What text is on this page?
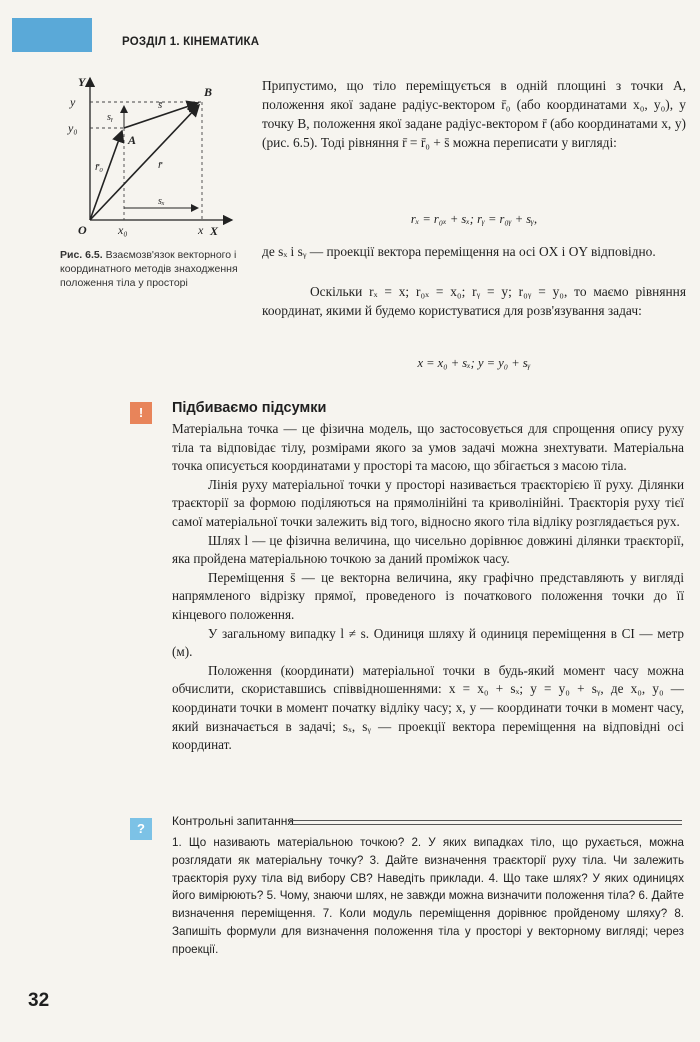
РОЗДІЛ 1. КІНЕМАТИКА
Y
y
y₀
O	x₀	x X
A
B
sᵧ
s̄
r̄₀	r̄
sₓ
Рис. 6.5. Взаємозв'язок векторного і координатного методів знаходження положення тіла у просторі
Припустимо, що тіло переміщується в одній площині з точки A, положення якої задане радіус-вектором r̄₀ (або координатами x₀, y₀), у точку B, положення якої задане радіус-вектором r̄ (або координатами x, y) (рис. 6.5). Тоді рівняння r̄ = r̄₀ + s̄ можна переписати у вигляді:
rₓ = r₀ₓ + sₓ; rᵧ = r₀ᵧ + sᵧ,
де sₓ і sᵧ — проекції вектора переміщення на осі OX і OY відповідно.
Оскільки rₓ = x; r₀ₓ = x₀; rᵧ = y; r₀ᵧ = y₀, то маємо рівняння координат, якими й будемо користуватися для розв'язування задач:
x = x₀ + sₓ; y = y₀ + sᵧ
!	Підбиваємо підсумки

Матеріальна точка — це фізична модель, що застосовується для спрощення опису руху тіла та відповідає тілу, розмірами якого за умов задачі можна знехтувати. Матеріальна точка описується координатами у просторі та масою, що збігається з масою тіла.

Лінія руху матеріальної точки у просторі називається траєкторією її руху. Ділянки траєкторії за формою поділяються на прямолінійні та криволінійні. Траєкторія руху тієї самої матеріальної точки залежить від того, відносно якого тіла відліку розглядається рух.

Шлях l — це фізична величина, що чисельно дорівнює довжині ділянки траєкторії, яка пройдена матеріальною точкою за даний проміжок часу.

Переміщення s̄ — це векторна величина, яку графічно представляють у вигляді напрямленого відрізку прямої, проведеного із початкового положення точки до її кінцевого положення.

У загальному випадку l ≠ s. Одиниця шляху й одиниця переміщення в СІ — метр (м).

Положення (координати) матеріальної точки в будь-який момент часу можна обчислити, скориставшись співвідношеннями: x = x₀ + sₓ; y = y₀ + sᵧ, де x₀, y₀ — координати точки в момент початку відліку часу; x, y — координати точки в момент часу, який визначається в задачі; sₓ, sᵧ — проекції вектора переміщення на відповідні осі координат.

?	Контрольні запитання
1. Що називають матеріальною точкою? 2. У яких випадках тіло, що рухається, можна розглядати як матеріальну точку? 3. Дайте визначення траєкторії руху тіла. Чи залежить траєкторія руху тіла від вибору СВ? Наведіть приклади. 4. Що таке шлях? У яких одиницях його вимірюють? 5. Чому, знаючи шлях, не завжди можна визначити положення тіла? 6. Дайте визначення переміщення. 7. Коли модуль переміщення дорівнює пройденому шляху? 8. Запишіть формули для визначення положення тіла у просторі у векторному вигляді; через проекції.
32
